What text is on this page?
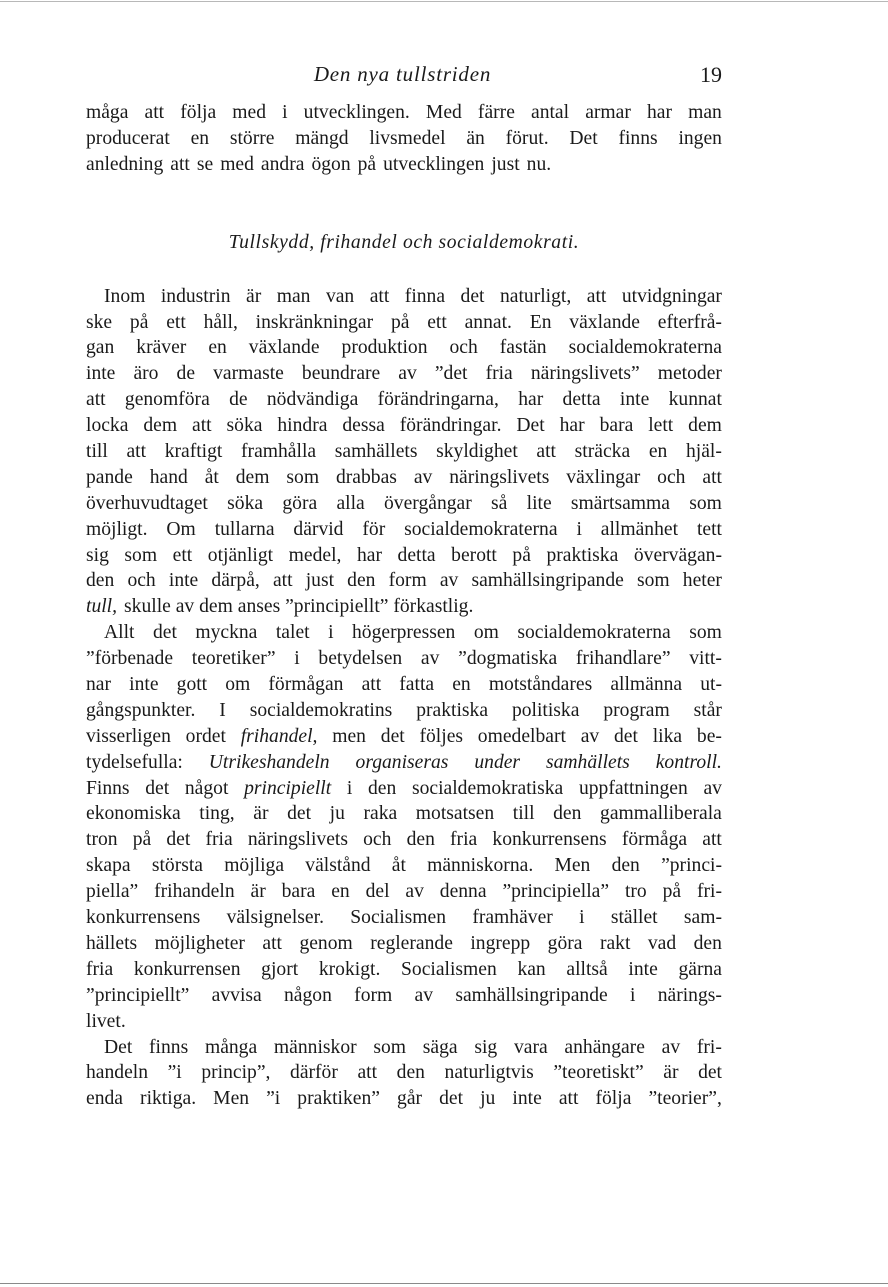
Den nya tullstriden	19
måga att följa med i utvecklingen. Med färre antal armar har man
producerat en större mängd livsmedel än förut. Det finns ingen
anledning att se med andra ögon på utvecklingen just nu.
Tullskydd, frihandel och socialdemokrati.
Inom industrin är man van att finna det naturligt, att utvidgningar
ske på ett håll, inskränkningar på ett annat. En växlande efterfrå-
gan kräver en växlande produktion och fastän socialdemokraterna
inte äro de varmaste beundrare av ”det fria näringslivets” metoder
att genomföra de nödvändiga förändringarna, har detta inte kunnat
locka dem att söka hindra dessa förändringar. Det har bara lett dem
till att kraftigt framhålla samhällets skyldighet att sträcka en hjäl-
pande hand åt dem som drabbas av näringslivets växlingar och att
överhuvudtaget söka göra alla övergångar så lite smärtsamma som
möjligt. Om tullarna därvid för socialdemokraterna i allmänhet tett
sig som ett otjänligt medel, har detta berott på praktiska övervägan-
den och inte därpå, att just den form av samhällsingripande som heter
tull, skulle av dem anses ”principiellt” förkastlig.
Allt det myckna talet i högerpressen om socialdemokraterna som
”förbenade teoretiker” i betydelsen av ”dogmatiska frihandlare” vitt-
nar inte gott om förmågan att fatta en motståndares allmänna ut-
gångspunkter. I socialdemokratins praktiska politiska program står
visserligen ordet frihandel, men det följes omedelbart av det lika be-
tydelsefulla: Utrikeshandeln organiseras under samhällets kontroll.
Finns det något principiellt i den socialdemokratiska uppfattningen av
ekonomiska ting, är det ju raka motsatsen till den gammalliberala
tron på det fria näringslivets och den fria konkurrensens förmåga att
skapa största möjliga välstånd åt människorna. Men den ”princi-
piella” frihandeln är bara en del av denna ”principiella” tro på fri-
konkurrensens välsignelser. Socialismen framhäver i stället sam-
hällets möjligheter att genom reglerande ingrepp göra rakt vad den
fria konkurrensen gjort krokigt. Socialismen kan alltså inte gärna
”principiellt” avvisa någon form av samhällsingripande i närings-
livet.
Det finns många människor som säga sig vara anhängare av fri-
handeln ”i princip”, därför att den naturligtvis ”teoretiskt” är det
enda riktiga. Men ”i praktiken” går det ju inte att följa ”teorier”,
